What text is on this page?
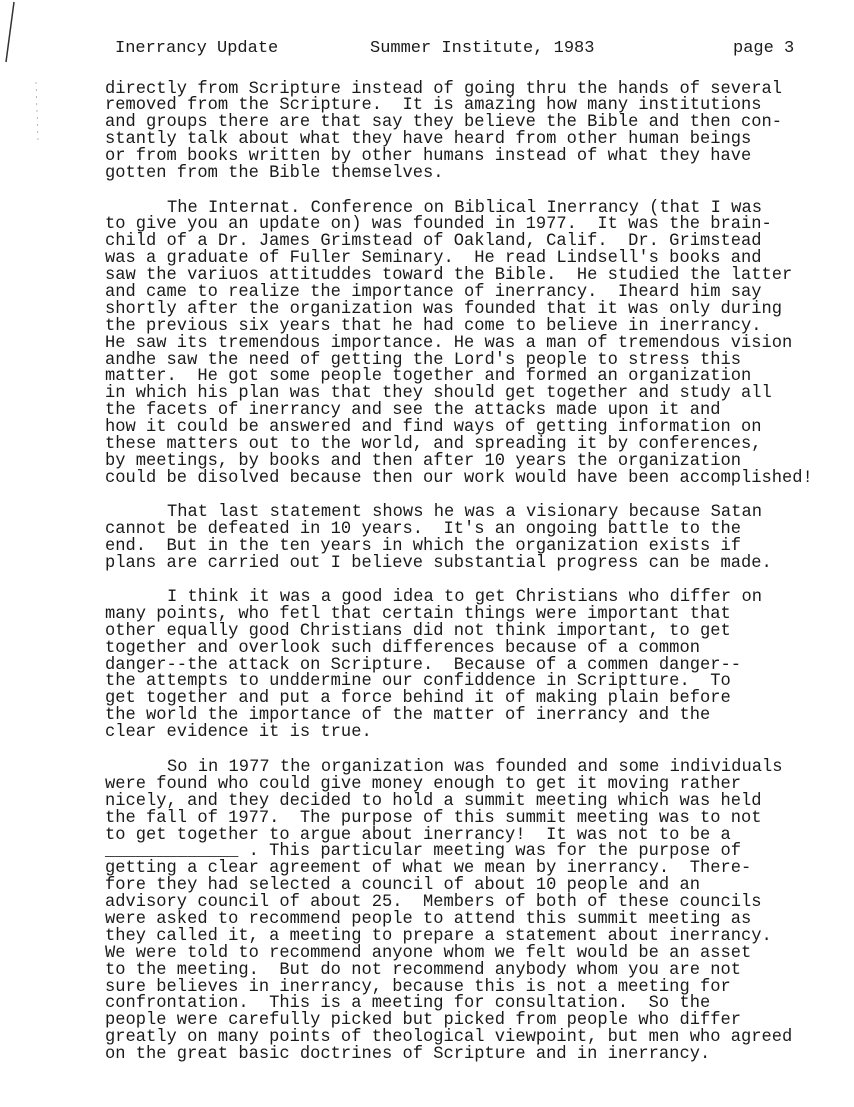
Inerrancy Update	Summer Institute, 1983	page 3
directly from Scripture instead of going thru the hands of several
removed from the Scripture.  It is amazing how many institutions
and groups there are that say they believe the Bible and then con-
stantly talk about what they have heard from other human beings
or from books written by other humans instead of what they have
gotten from the Bible themselves.
The Internat. Conference on Biblical Inerrancy (that I was
to give you an update on) was founded in 1977.  It was the brain-
child of a Dr. James Grimstead of Oakland, Calif.  Dr. Grimstead
was a graduate of Fuller Seminary.  He read Lindsell's books and
saw the variuos attituddes toward the Bible.  He studied the latter
and came to realize the importance of inerrancy.  Iheard him say
shortly after the organization was founded that it was only during
the previous six years that he had come to believe in inerrancy.
He saw its tremendous importance. He was a man of tremendous vision
andhe saw the need of getting the Lord's people to stress this
matter.  He got some people together and formed an organization
in which his plan was that they should get together and study all
the facets of inerrancy and see the attacks made upon it and
how it could be answered and find ways of getting information on
these matters out to the world, and spreading it by conferences,
by meetings, by books and then after 10 years the organization
could be disolved because then our work would have been accomplished!
That last statement shows he was a visionary because Satan
cannot be defeated in 10 years.  It's an ongoing battle to the
end.  But in the ten years in which the organization exists if
plans are carried out I believe substantial progress can be made.
I think it was a good idea to get Christians who differ on
many points, who fetl that certain things were important that
other equally good Christians did not think important, to get
together and overlook such differences because of a common
danger--the attack on Scripture.  Because of a commen danger--
the attempts to unddermine our confiddence in Scriptture.  To
get together and put a force behind it of making plain before
the world the importance of the matter of inerrancy and the
clear evidence it is true.
So in 1977 the organization was founded and some individuals
were found who could give money enough to get it moving rather
nicely, and they decided to hold a summit meeting which was held
the fall of 1977.  The purpose of this summit meeting was to not
to get together to argue about inerrancy!  It was not to be a
_____________ . This particular meeting was for the purpose of
getting a clear agreement of what we mean by inerrancy.  There-
fore they had selected a council of about 10 people and an
advisory council of about 25.  Members of both of these councils
were asked to recommend people to attend this summit meeting as
they called it, a meeting to prepare a statement about inerrancy.
We were told to recommend anyone whom we felt would be an asset
to the meeting.  But do not recommend anybody whom you are not
sure believes in inerrancy, because this is not a meeting for
confrontation.  This is a meeting for consultation.  So the
people were carefully picked but picked from people who differ
greatly on many points of theological viewpoint, but men who agreed
on the great basic doctrines of Scripture and in inerrancy.
